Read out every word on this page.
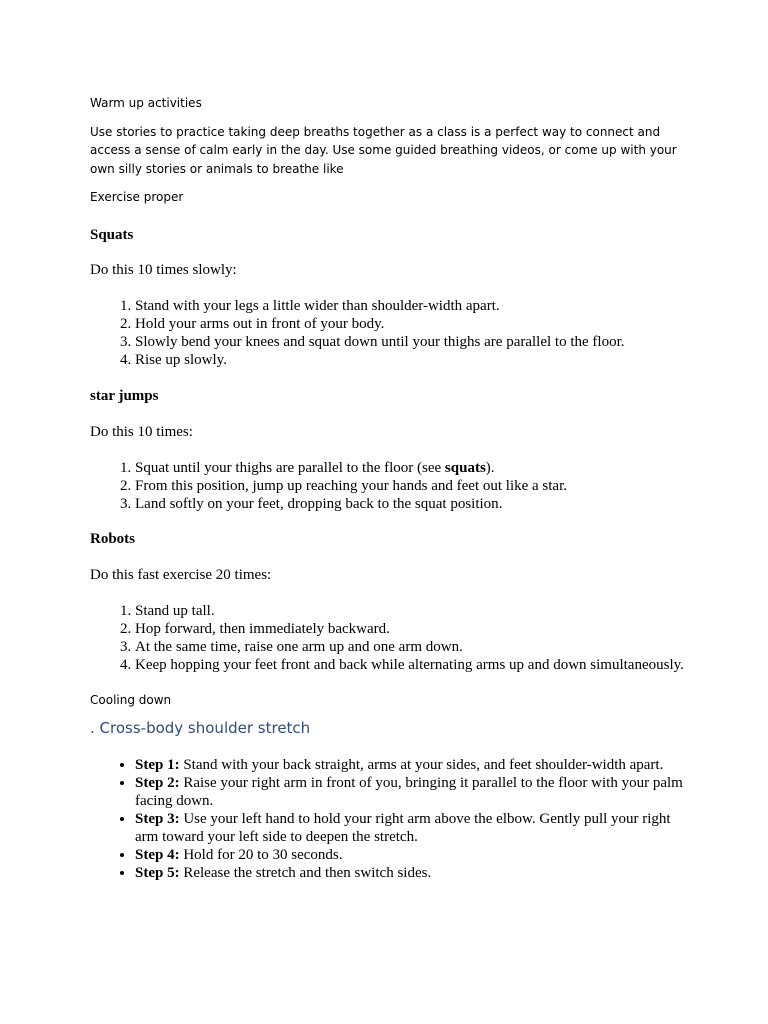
Warm up activities

Use stories to practice taking deep breaths together as a class is a perfect way to connect and access a sense of calm early in the day. Use some guided breathing videos, or come up with your own silly stories or animals to breathe like

Exercise proper

Squats

Do this 10 times slowly:

1. Stand with your legs a little wider than shoulder-width apart.
2. Hold your arms out in front of your body.
3. Slowly bend your knees and squat down until your thighs are parallel to the floor.
4. Rise up slowly.

star jumps

Do this 10 times:

1. Squat until your thighs are parallel to the floor (see squats).
2. From this position, jump up reaching your hands and feet out like a star.
3. Land softly on your feet, dropping back to the squat position.

Robots

Do this fast exercise 20 times:

1. Stand up tall.
2. Hop forward, then immediately backward.
3. At the same time, raise one arm up and one arm down.
4. Keep hopping your feet front and back while alternating arms up and down simultaneously.

Cooling down

. Cross-body shoulder stretch

• Step 1: Stand with your back straight, arms at your sides, and feet shoulder-width apart.
• Step 2: Raise your right arm in front of you, bringing it parallel to the floor with your palm facing down.
• Step 3: Use your left hand to hold your right arm above the elbow. Gently pull your right arm toward your left side to deepen the stretch.
• Step 4: Hold for 20 to 30 seconds.
• Step 5: Release the stretch and then switch sides.
